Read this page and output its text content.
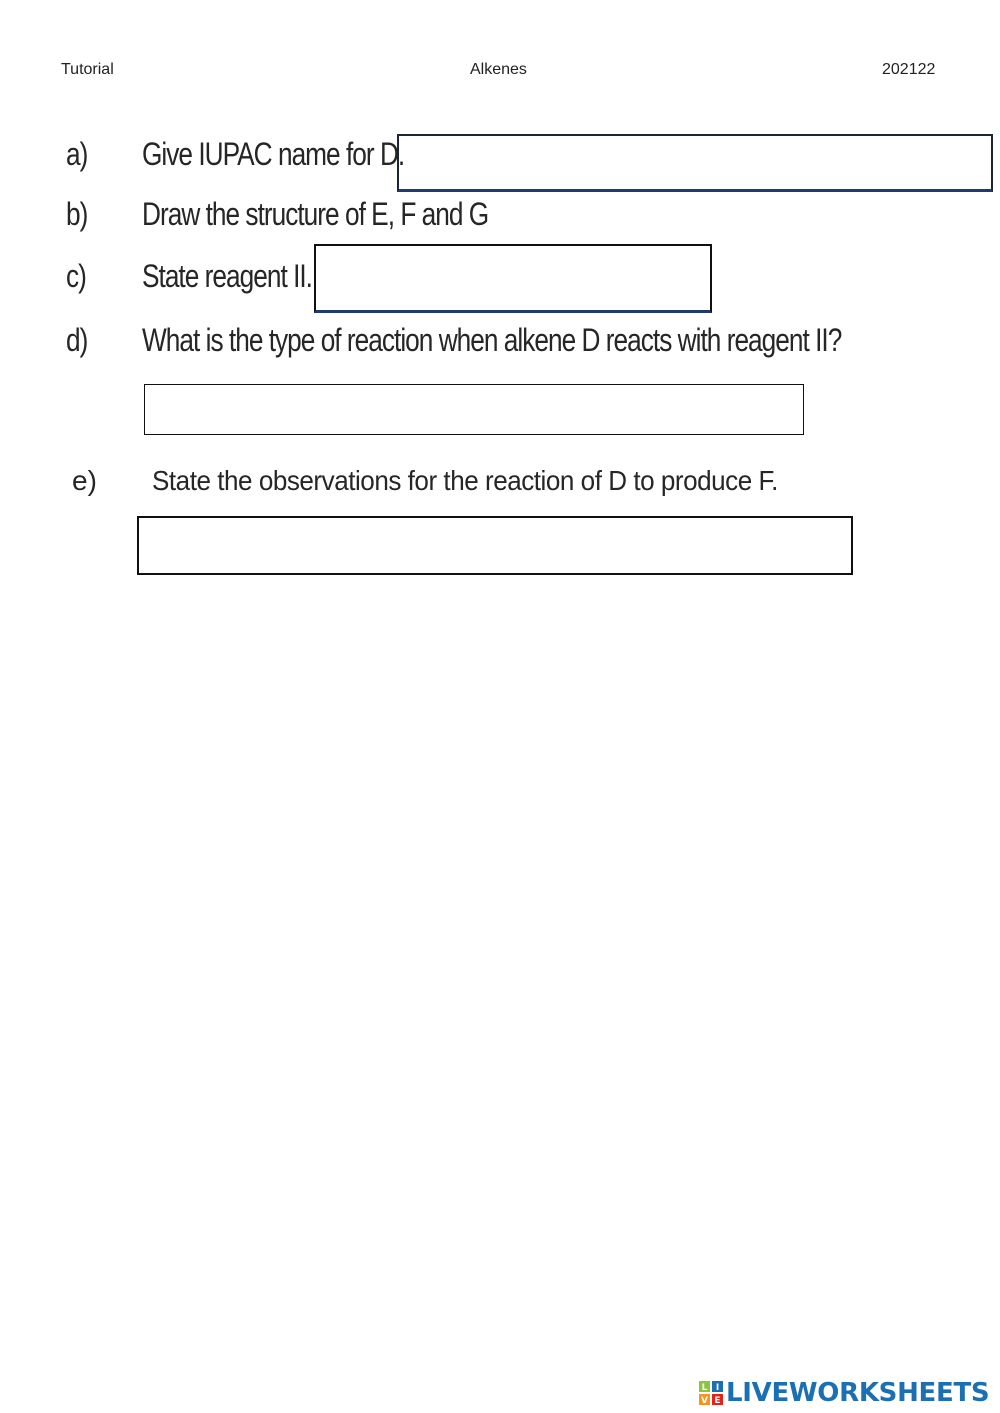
Tutorial	Alkenes	202122
a) Give IUPAC name for D.
b) Draw the structure of E, F and G
c) State reagent II.
d) What is the type of reaction when alkene D reacts with reagent II?
e) State the observations for the reaction of D to produce F.
L I
V E LIVEWORKSHEETS
